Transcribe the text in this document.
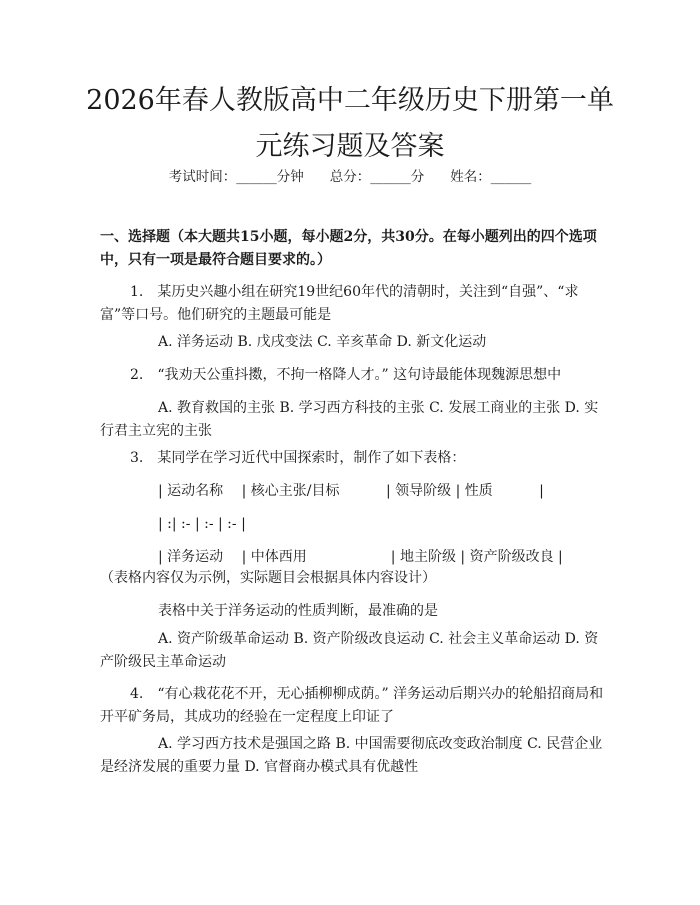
2026年春人教版高中二年级历史下册第一单
元练习题及答案
考试时间：______分钟 总分：______分 姓名：______
一、选择题（本大题共15小题，每小题2分，共30分。在每小题列出的四个选项中，只有一项是最符合题目要求的。）
1.　某历史兴趣小组在研究19世纪60年代的清朝时，关注到“自强”、“求富”等口号。他们研究的主题最可能是
A. 洋务运动 B. 戊戌变法 C. 辛亥革命 D. 新文化运动
2.　“我劝天公重抖擞，不拘一格降人才。” 这句诗最能体现魏源思想中
A. 教育救国的主张 B. 学习西方科技的主张 C. 发展工商业的主张 D. 实行君主立宪的主张
3.　某同学在学习近代中国探索时，制作了如下表格：
| 运动名称　 | 核心主张/目标　　　 | 领导阶级 | 性质　　　 |
| :| :- | :- | :- |
| 洋务运动　 | 中体西用　　　　　　| 地主阶级 | 资产阶级改良 |
（表格内容仅为示例，实际题目会根据具体内容设计）
表格中关于洋务运动的性质判断，最准确的是
A. 资产阶级革命运动 B. 资产阶级改良运动 C. 社会主义革命运动 D. 资产阶级民主革命运动
4.　“有心栽花花不开，无心插柳柳成荫。” 洋务运动后期兴办的轮船招商局和开平矿务局，其成功的经验在一定程度上印证了
A. 学习西方技术是强国之路 B. 中国需要彻底改变政治制度 C. 民营企业是经济发展的重要力量 D. 官督商办模式具有优越性
